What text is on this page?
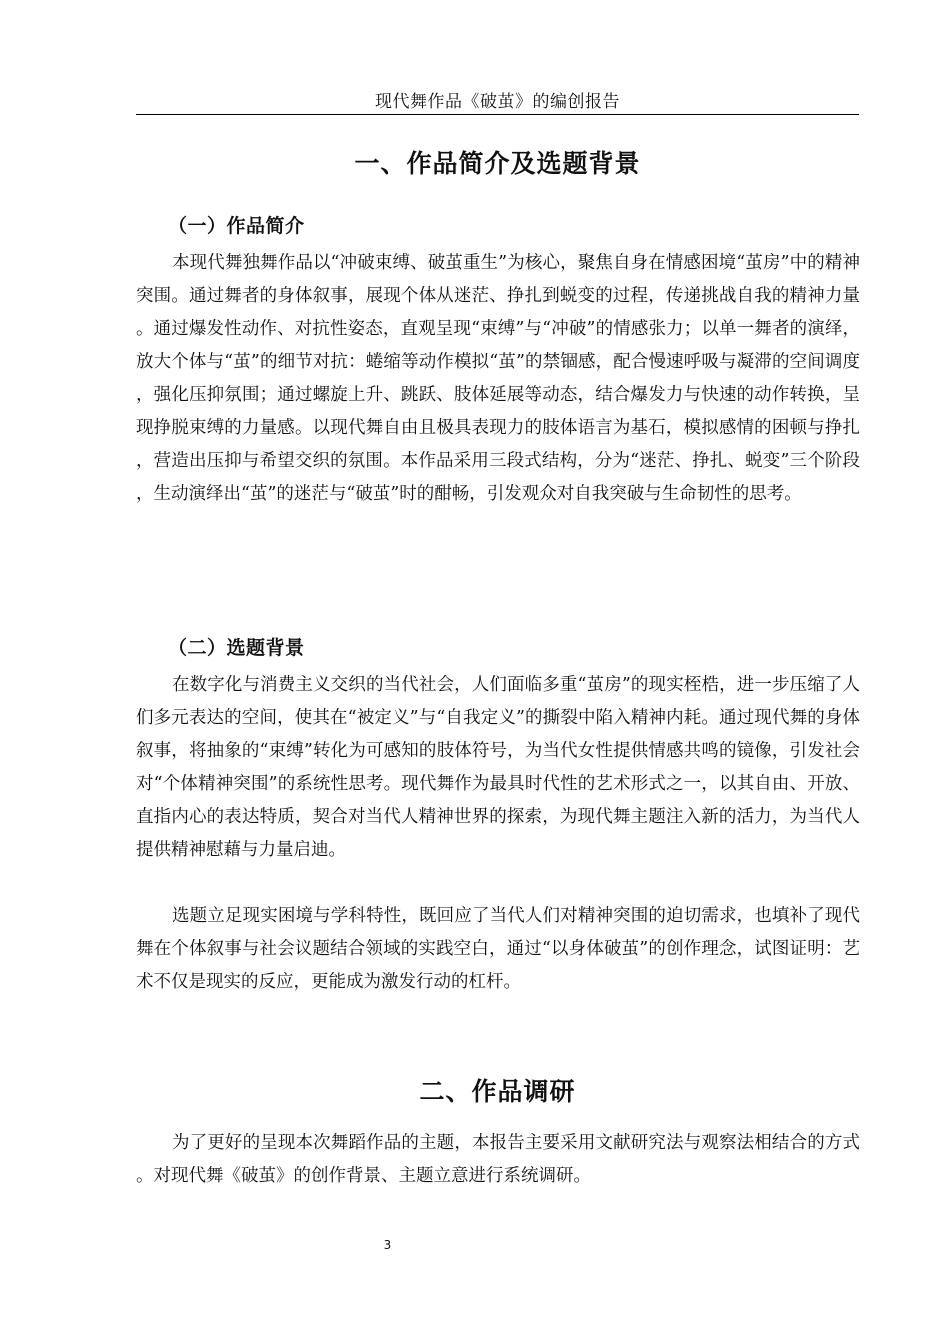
现代舞作品《破茧》的编创报告
一、作品简介及选题背景
（一）作品简介

本现代舞独舞作品以“冲破束缚、破茧重生”为核心，聚焦自身在情感困境“茧房”中的精神突围。通过舞者的身体叙事，展现个体从迷茫、挣扎到蜕变的过程，传递挑战自我的精神力量。通过爆发性动作、对抗性姿态，直观呈现“束缚”与“冲破”的情感张力；以单一舞者的演绎，放大个体与“茧”的细节对抗：蜷缩等动作模拟“茧”的禁锢感，配合慢速呼吸与凝滞的空间调度，强化压抑氛围；通过螺旋上升、跳跃、肢体延展等动态，结合爆发力与快速的动作转换，呈现挣脱束缚的力量感。以现代舞自由且极具表现力的肢体语言为基石，模拟感情的困顿与挣扎，营造出压抑与希望交织的氛围。本作品采用三段式结构，分为“迷茫、挣扎、蜕变”三个阶段，生动演绎出“茧”的迷茫与“破茧”时的酣畅，引发观众对自我突破与生命韧性的思考。

（二）选题背景

在数字化与消费主义交织的当代社会，人们面临多重“茧房”的现实桎梏，进一步压缩了人们多元表达的空间，使其在“被定义”与“自我定义”的撕裂中陷入精神内耗。通过现代舞的身体叙事，将抽象的“束缚”转化为可感知的肢体符号，为当代女性提供情感共鸣的镜像，引发社会对“个体精神突围”的系统性思考。现代舞作为最具时代性的艺术形式之一，以其自由、开放、直指内心的表达特质，契合对当代人精神世界的探索，为现代舞主题注入新的活力，为当代人提供精神慰藉与力量启迪。

选题立足现实困境与学科特性，既回应了当代人们对精神突围的迫切需求，也填补了现代舞在个体叙事与社会议题结合领域的实践空白，通过“以身体破茧”的创作理念，试图证明：艺术不仅是现实的反应，更能成为激发行动的杠杆。

二、作品调研

为了更好的呈现本次舞蹈作品的主题，本报告主要采用文献研究法与观察法相结合的方式。对现代舞《破茧》的创作背景、主题立意进行系统调研。

3
